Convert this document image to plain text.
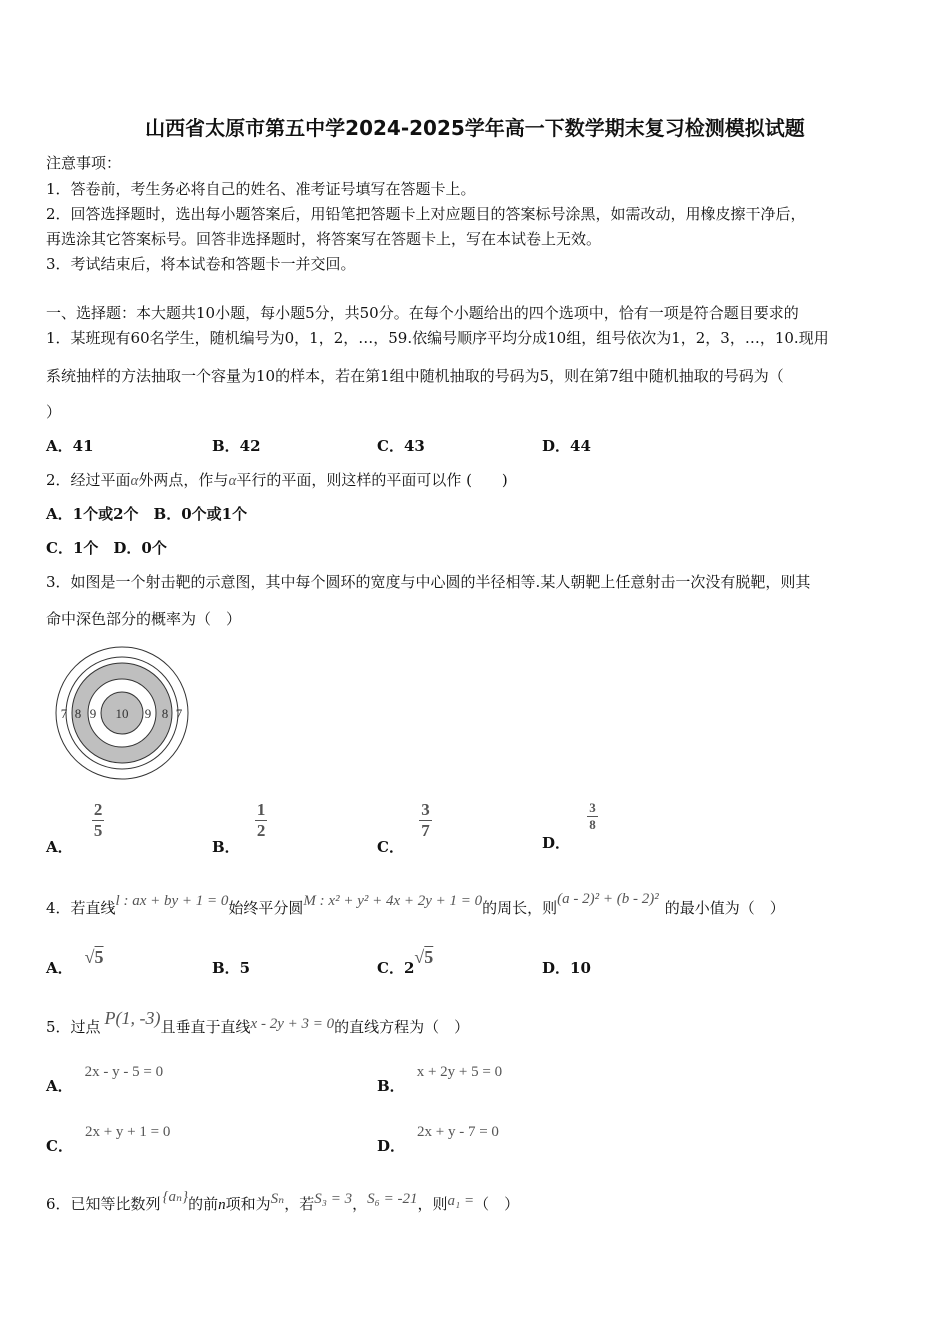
山西省太原市第五中学2024-2025学年高一下数学期末复习检测模拟试题
注意事项：
1．答卷前，考生务必将自己的姓名、准考证号填写在答题卡上。
2．回答选择题时，选出每小题答案后，用铅笔把答题卡上对应题目的答案标号涂黑，如需改动，用橡皮擦干净后，
再选涂其它答案标号。回答非选择题时，将答案写在答题卡上，写在本试卷上无效。
3．考试结束后，将本试卷和答题卡一并交回。
一、选择题：本大题共10小题，每小题5分，共50分。在每个小题给出的四个选项中，恰有一项是符合题目要求的
1．某班现有60名学生，随机编号为0，1，2，…，59.依编号顺序平均分成10组，组号依次为1，2，3，…，10.现用
系统抽样的方法抽取一个容量为10的样本，若在第1组中随机抽取的号码为5，则在第7组中随机抽取的号码为（
）
A．41	B．42	C．43	D．44
2．经过平面α外两点，作与α平行的平面，则这样的平面可以作 (　　)
A．1个或2个　B．0个或1个
C．1个　D．0个
3．如图是一个射击靶的示意图，其中每个圆环的宽度与中心圆的半径相等.某人朝靶上任意射击一次没有脱靶，则其
命中深色部分的概率为（　）
7 8 9 10 9 8 7
A．
$\frac{2}{5}$
B．
$\frac{1}{2}$
C．
$\frac{3}{7}$
D．
$\frac{3}{8}$
4．若直线l : ax + by + 1 = 0始终平分圆M : x² + y² + 4x + 2y + 1 = 0的周长，则(a - 2)² + (b - 2)² 的最小值为（　）
A．√5
B．5	C．2√5
D．10
5．过点 P(1, -3)且垂直于直线x - 2y + 3 = 0的直线方程为（　）
A．2x - y - 5 = 0
B．x + 2y + 5 = 0
C．2x + y + 1 = 0
D．2x + y - 7 = 0
6．已知等比数列 {aₙ}的前n项和为Sₙ，若S₃ = 3，S₆ = -21，则a₁ =（　）
